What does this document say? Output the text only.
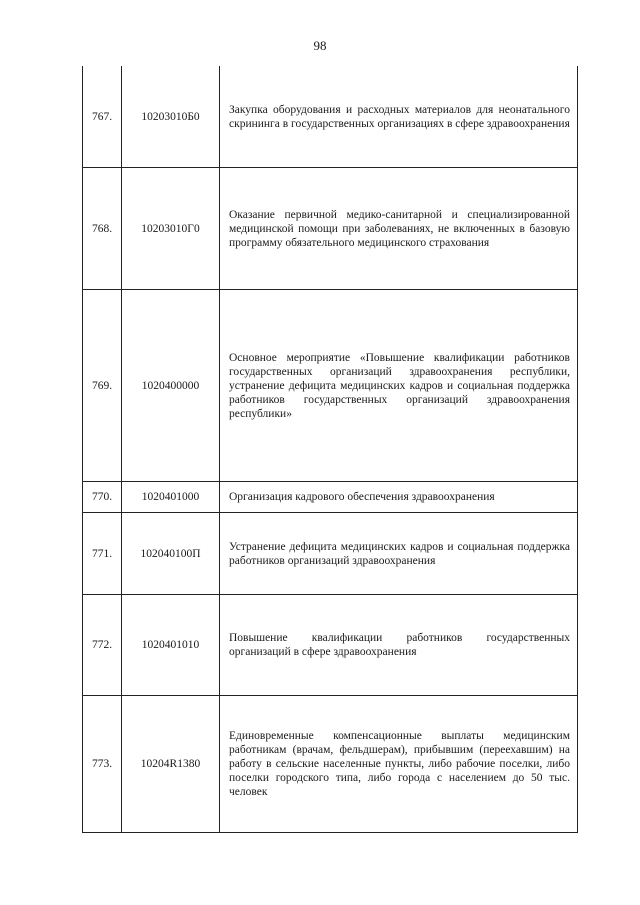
98
767.	10203010Б0	Закупка оборудования и расходных материалов для неонатального скрининга в государственных организациях в сфере здравоохранения
768.	10203010Г0	Оказание первичной медико-санитарной и специализированной медицинской помощи при заболеваниях, не включенных в базовую программу обязательного медицинского страхования
769.	1020400000	Основное мероприятие «Повышение квалификации работников государственных организаций здравоохранения республики, устранение дефицита медицинских кадров и социальная поддержка работников государственных организаций здравоохранения республики»
770.	1020401000	Организация кадрового обеспечения здравоохранения
771.	102040100П	Устранение дефицита медицинских кадров и социальная поддержка работников организаций здравоохранения
772.	1020401010	Повышение квалификации работников государственных организаций в сфере здравоохранения
773.	10204R1380	Единовременные компенсационные выплаты медицинским работникам (врачам, фельдшерам), прибывшим (переехавшим) на работу в сельские населенные пункты, либо рабочие поселки, либо поселки городского типа, либо города с населением до 50 тыс. человек
